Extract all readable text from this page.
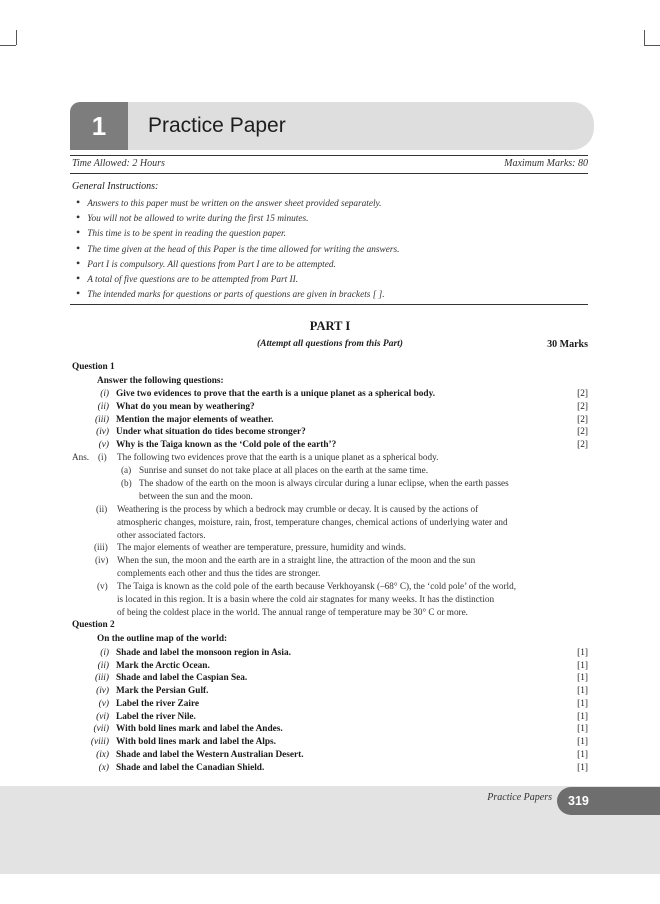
1	Practice Paper
Time Allowed: 2 Hours	Maximum Marks: 80
General Instructions:
• Answers to this paper must be written on the answer sheet provided separately.
• You will not be allowed to write during the first 15 minutes.
• This time is to be spent in reading the question paper.
• The time given at the head of this Paper is the time allowed for writing the answers.
• Part I is compulsory. All questions from Part I are to be attempted.
• A total of five questions are to be attempted from Part II.
• The intended marks for questions or parts of questions are given in brackets [ ].
PART I
(Attempt all questions from this Part)	30 Marks
Question 1
Answer the following questions:
(i) Give two evidences to prove that the earth is a unique planet as a spherical body.	[2]
(ii) What do you mean by weathering?	[2]
(iii) Mention the major elements of weather.	[2]
(iv) Under what situation do tides become stronger?	[2]
(v) Why is the Taiga known as the ‘Cold pole of the earth’?	[2]
Ans. (i) The following two evidences prove that the earth is a unique planet as a spherical body.
(a) Sunrise and sunset do not take place at all places on the earth at the same time.
(b) The shadow of the earth on the moon is always circular during a lunar eclipse, when the earth passes
between the sun and the moon.
(ii) Weathering is the process by which a bedrock may crumble or decay. It is caused by the actions of
atmospheric changes, moisture, rain, frost, temperature changes, chemical actions of underlying water and
other associated factors.
(iii) The major elements of weather are temperature, pressure, humidity and winds.
(iv) When the sun, the moon and the earth are in a straight line, the attraction of the moon and the sun
complements each other and thus the tides are stronger.
(v) The Taiga is known as the cold pole of the earth because Verkhoyansk (–68° C), the ‘cold pole’ of the world,
is located in this region. It is a basin where the cold air stagnates for many weeks. It has the distinction
of being the coldest place in the world. The annual range of temperature may be 30° C or more.
Question 2
On the outline map of the world:
(i) Shade and label the monsoon region in Asia.	[1]
(ii) Mark the Arctic Ocean.	[1]
(iii) Shade and label the Caspian Sea.	[1]
(iv) Mark the Persian Gulf.	[1]
(v) Label the river Zaire	[1]
(vi) Label the river Nile.	[1]
(vii) With bold lines mark and label the Andes.	[1]
(viii) With bold lines mark and label the Alps.	[1]
(ix) Shade and label the Western Australian Desert.	[1]
(x) Shade and label the Canadian Shield.	[1]
Practice Papers	319
